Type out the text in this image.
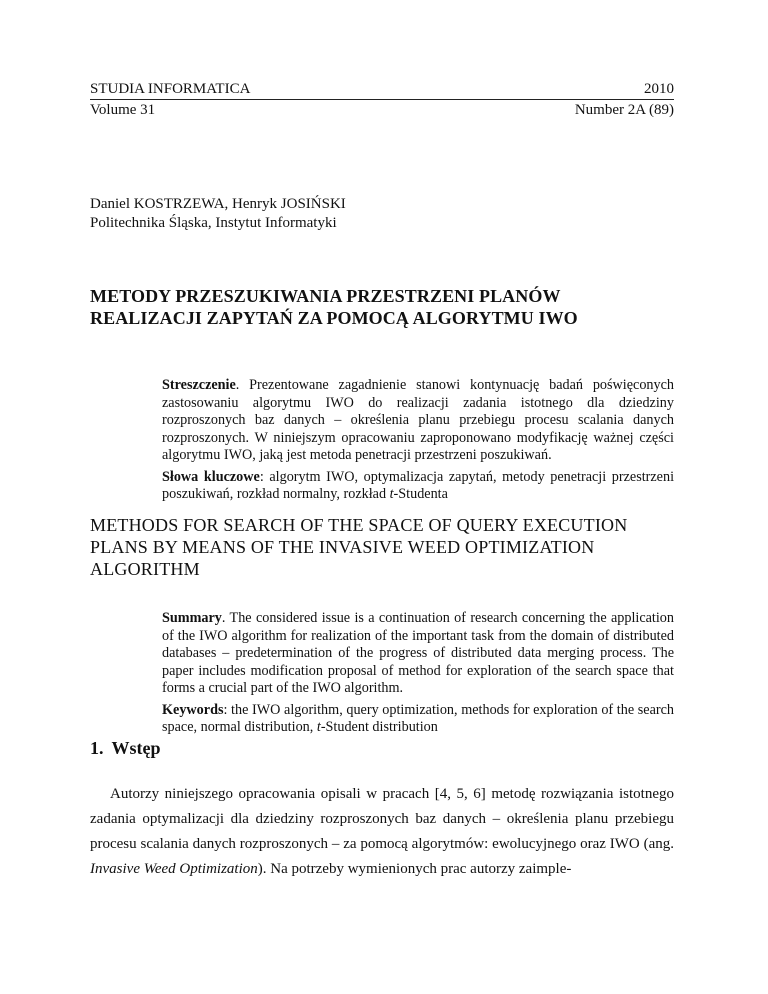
STUDIA INFORMATICA	2010
Volume 31	Number 2A (89)
Daniel KOSTRZEWA, Henryk JOSIŃSKI
Politechnika Śląska, Instytut Informatyki
METODY PRZESZUKIWANIA PRZESTRZENI PLANÓW
REALIZACJI ZAPYTAŃ ZA POMOCĄ ALGORYTMU IWO

Streszczenie. Prezentowane zagadnienie stanowi kontynuację badań poświęconych zastosowaniu algorytmu IWO do realizacji zadania istotnego dla dziedziny rozproszonych baz danych – określenia planu przebiegu procesu scalania danych rozproszonych. W niniejszym opracowaniu zaproponowano modyfikację ważnej części algorytmu IWO, jaką jest metoda penetracji przestrzeni poszukiwań.

Słowa kluczowe: algorytm IWO, optymalizacja zapytań, metody penetracji przestrzeni poszukiwań, rozkład normalny, rozkład t-Studenta

METHODS FOR SEARCH OF THE SPACE OF QUERY EXECUTION
PLANS BY MEANS OF THE INVASIVE WEED OPTIMIZATION
ALGORITHM

Summary. The considered issue is a continuation of research concerning the application of the IWO algorithm for realization of the important task from the domain of distributed databases – predetermination of the progress of distributed data merging process. The paper includes modification proposal of method for exploration of the search space that forms a crucial part of the IWO algorithm.

Keywords: the IWO algorithm, query optimization, methods for exploration of the search space, normal distribution, t-Student distribution

1. Wstęp
Autorzy niniejszego opracowania opisali w pracach [4, 5, 6] metodę rozwiązania istotnego zadania optymalizacji dla dziedziny rozproszonych baz danych – określenia planu przebiegu procesu scalania danych rozproszonych – za pomocą algorytmów: ewolucyjnego oraz IWO (ang. Invasive Weed Optimization). Na potrzeby wymienionych prac autorzy zaimple-
